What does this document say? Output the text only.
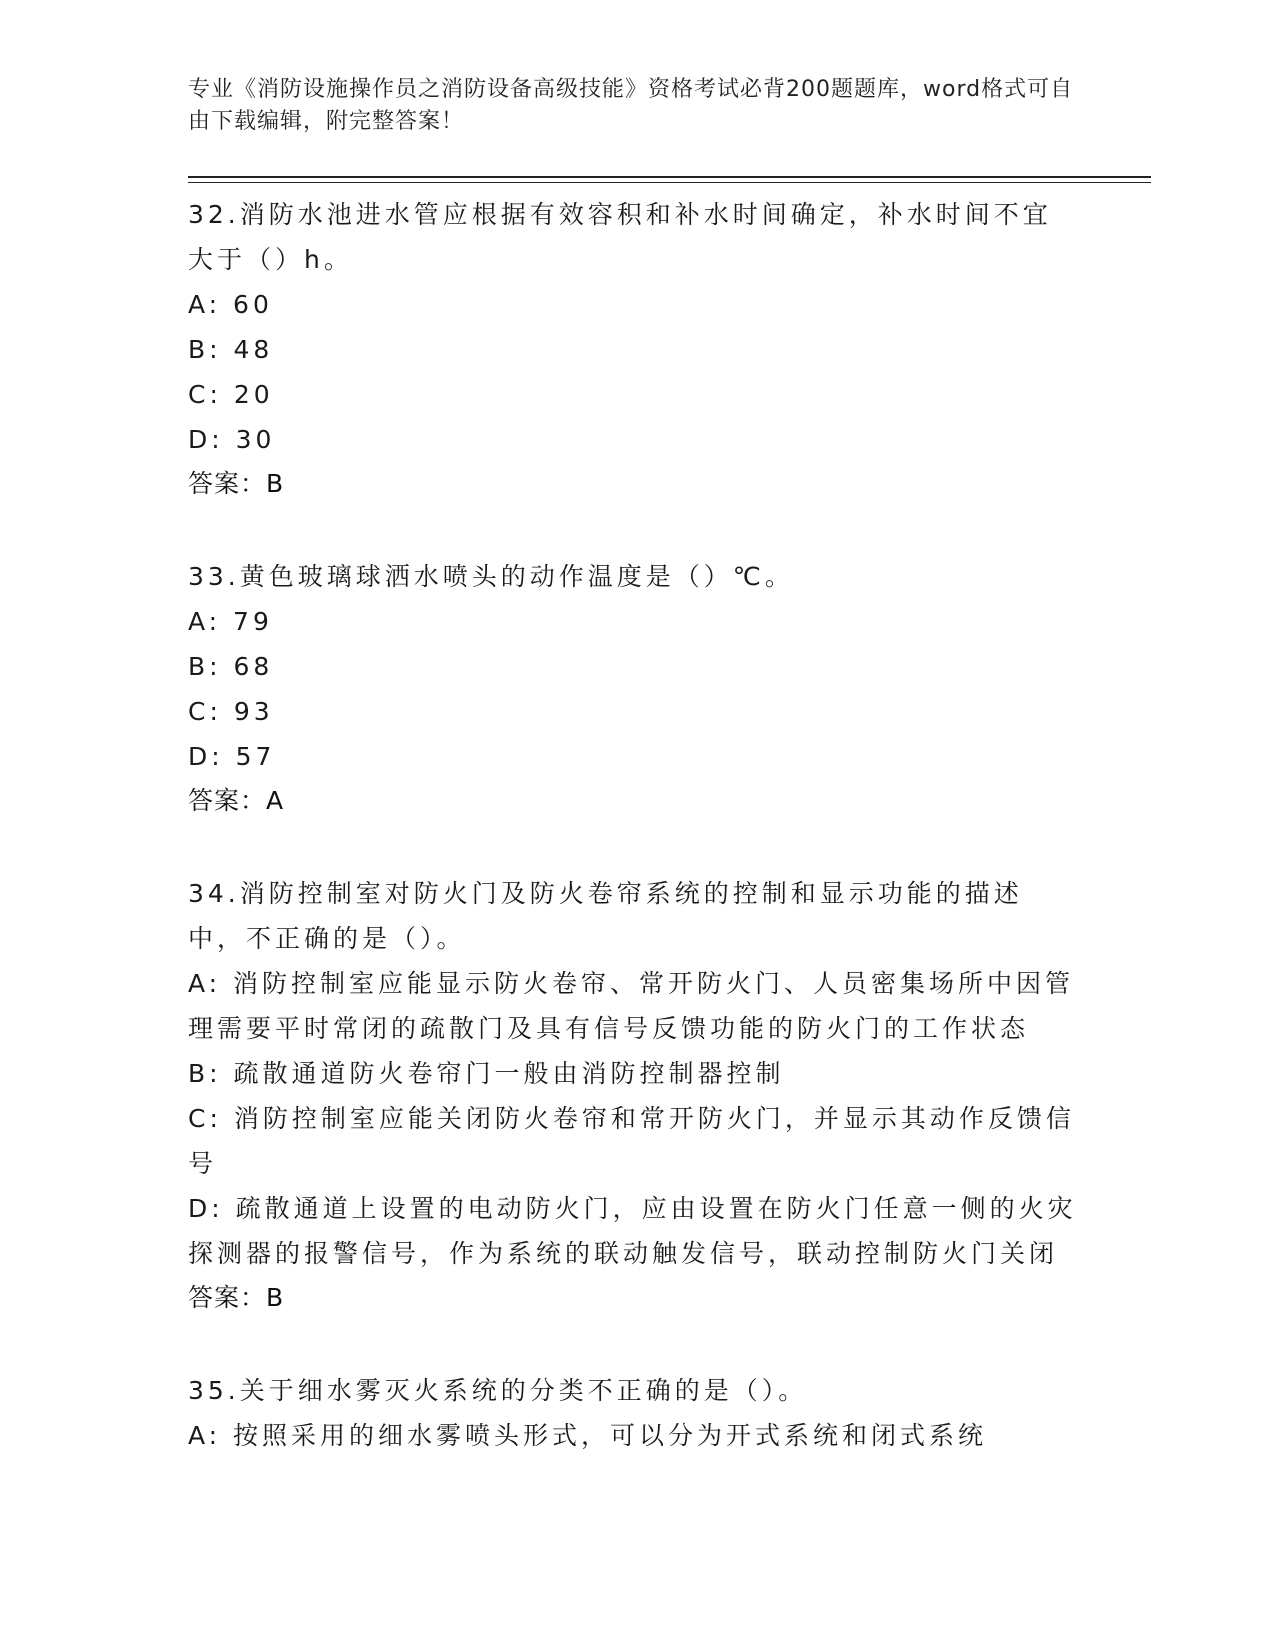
专业《消防设施操作员之消防设备高级技能》资格考试必背200题题库，word格式可自由下载编辑，附完整答案！
32.消防水池进水管应根据有效容积和补水时间确定，补水时间不宜大于（）h。
A: 60
B: 48
C: 20
D: 30
答案：B
33.黄色玻璃球洒水喷头的动作温度是（）℃。
A: 79
B: 68
C: 93
D: 57
答案：A
34.消防控制室对防火门及防火卷帘系统的控制和显示功能的描述中，不正确的是（）。
A: 消防控制室应能显示防火卷帘、常开防火门、人员密集场所中因管理需要平时常闭的疏散门及具有信号反馈功能的防火门的工作状态
B: 疏散通道防火卷帘门一般由消防控制器控制
C: 消防控制室应能关闭防火卷帘和常开防火门，并显示其动作反馈信号
D: 疏散通道上设置的电动防火门，应由设置在防火门任意一侧的火灾探测器的报警信号，作为系统的联动触发信号，联动控制防火门关闭
答案：B
35.关于细水雾灭火系统的分类不正确的是（）。
A: 按照采用的细水雾喷头形式，可以分为开式系统和闭式系统
